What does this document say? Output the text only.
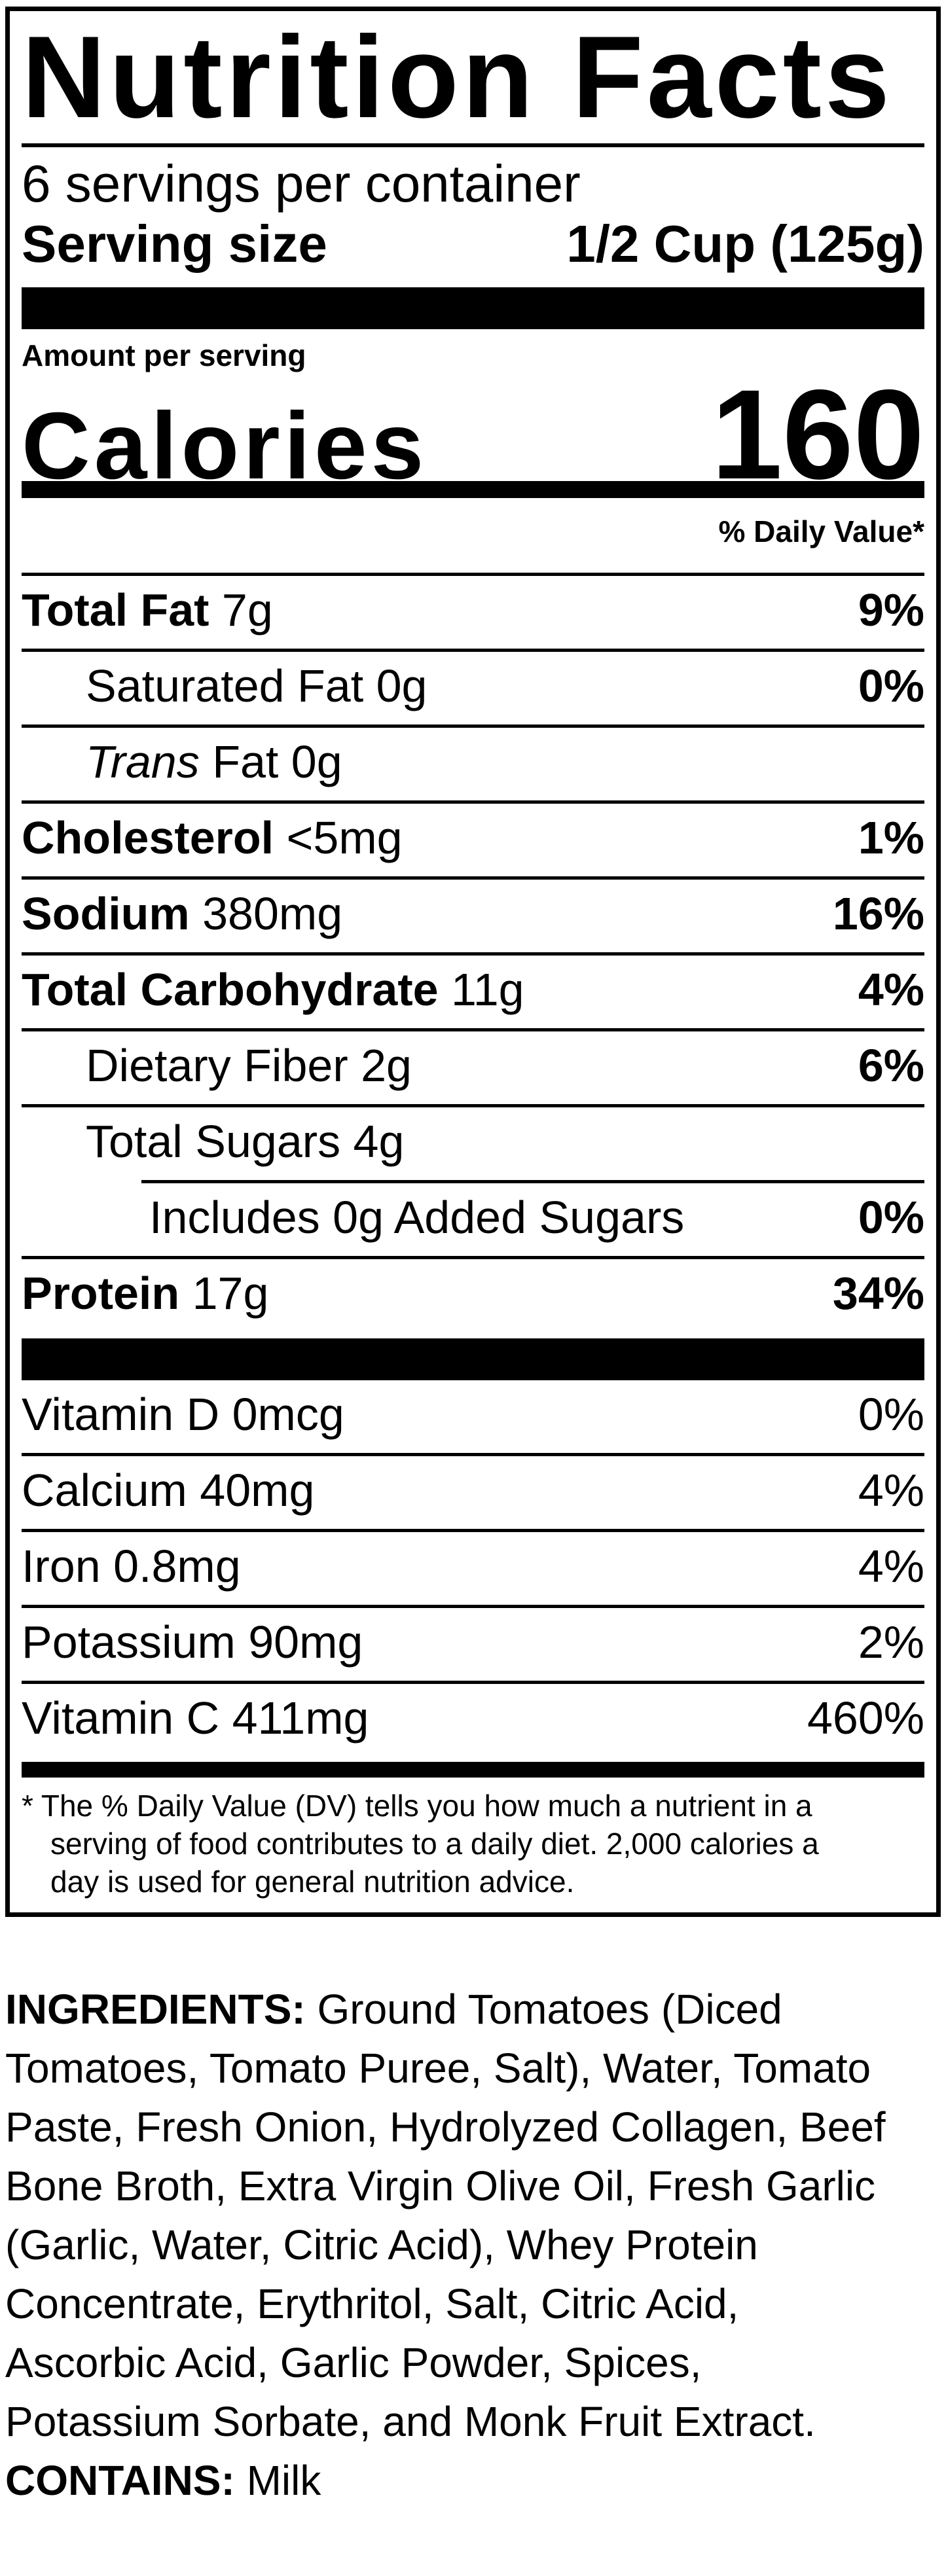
Nutrition Facts
6 servings per container
Serving size	1/2 Cup (125g)
Amount per serving
Calories 160
% Daily Value*
Total Fat 7g	9%
Saturated Fat 0g	0%
Trans Fat 0g
Cholesterol <5mg	1%
Sodium 380mg	16%
Total Carbohydrate 11g	4%
Dietary Fiber 2g	6%
Total Sugars 4g
Includes 0g Added Sugars	0%
Protein 17g	34%
Vitamin D 0mcg	0%
Calcium 40mg	4%
Iron 0.8mg	4%
Potassium 90mg	2%
Vitamin C 411mg	460%
* The % Daily Value (DV) tells you how much a nutrient in a
serving of food contributes to a daily diet. 2,000 calories a
day is used for general nutrition advice.
INGREDIENTS: Ground Tomatoes (Diced
Tomatoes, Tomato Puree, Salt), Water, Tomato
Paste, Fresh Onion, Hydrolyzed Collagen, Beef
Bone Broth, Extra Virgin Olive Oil, Fresh Garlic
(Garlic, Water, Citric Acid), Whey Protein
Concentrate, Erythritol, Salt, Citric Acid,
Ascorbic Acid, Garlic Powder, Spices,
Potassium Sorbate, and Monk Fruit Extract.
CONTAINS: Milk
